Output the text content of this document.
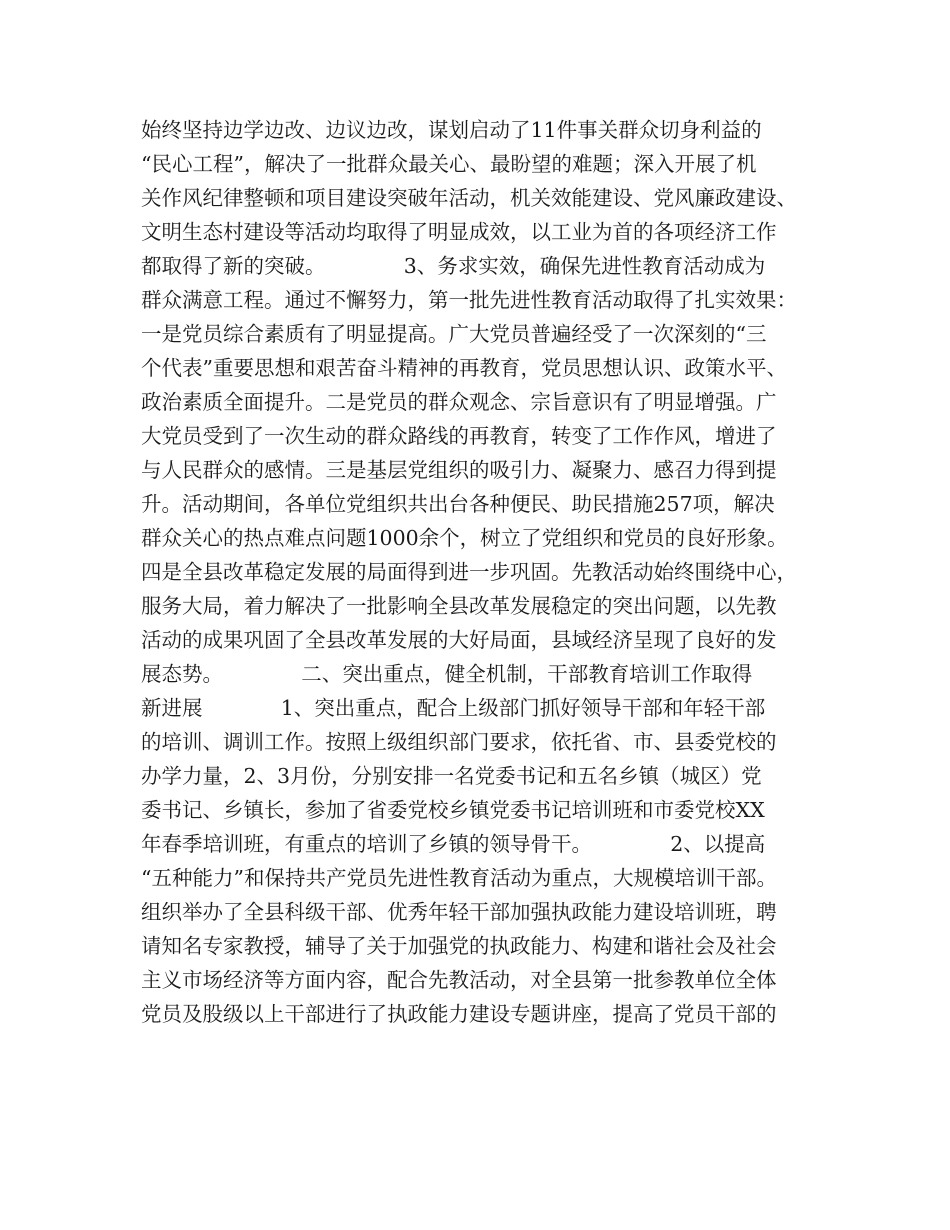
始终坚持边学边改、边议边改，谋划启动了11件事关群众切身利益的
“民心工程”，解决了一批群众最关心、最盼望的难题；深入开展了机
关作风纪律整顿和项目建设突破年活动，机关效能建设、党风廉政建设、
文明生态村建设等活动均取得了明显成效，以工业为首的各项经济工作
都取得了新的突破。            3、务求实效，确保先进性教育活动成为
群众满意工程。通过不懈努力，第一批先进性教育活动取得了扎实效果：
一是党员综合素质有了明显提高。广大党员普遍经受了一次深刻的“三
个代表”重要思想和艰苦奋斗精神的再教育，党员思想认识、政策水平、
政治素质全面提升。二是党员的群众观念、宗旨意识有了明显增强。广
大党员受到了一次生动的群众路线的再教育，转变了工作作风，增进了
与人民群众的感情。三是基层党组织的吸引力、凝聚力、感召力得到提
升。活动期间，各单位党组织共出台各种便民、助民措施257项，解决
群众关心的热点难点问题1000余个，树立了党组织和党员的良好形象。
四是全县改革稳定发展的局面得到进一步巩固。先教活动始终围绕中心，
服务大局，着力解决了一批影响全县改革发展稳定的突出问题，以先教
活动的成果巩固了全县改革发展的大好局面，县域经济呈现了良好的发
展态势。            二、突出重点，健全机制，干部教育培训工作取得
新进展            1、突出重点，配合上级部门抓好领导干部和年轻干部
的培训、调训工作。按照上级组织部门要求，依托省、市、县委党校的
办学力量，2、3月份，分别安排一名党委书记和五名乡镇（城区）党
委书记、乡镇长，参加了省委党校乡镇党委书记培训班和市委党校XX
年春季培训班，有重点的培训了乡镇的领导骨干。            2、以提高
“五种能力”和保持共产党员先进性教育活动为重点，大规模培训干部。
组织举办了全县科级干部、优秀年轻干部加强执政能力建设培训班，聘
请知名专家教授，辅导了关于加强党的执政能力、构建和谐社会及社会
主义市场经济等方面内容，配合先教活动，对全县第一批参教单位全体
党员及股级以上干部进行了执政能力建设专题讲座，提高了党员干部的
